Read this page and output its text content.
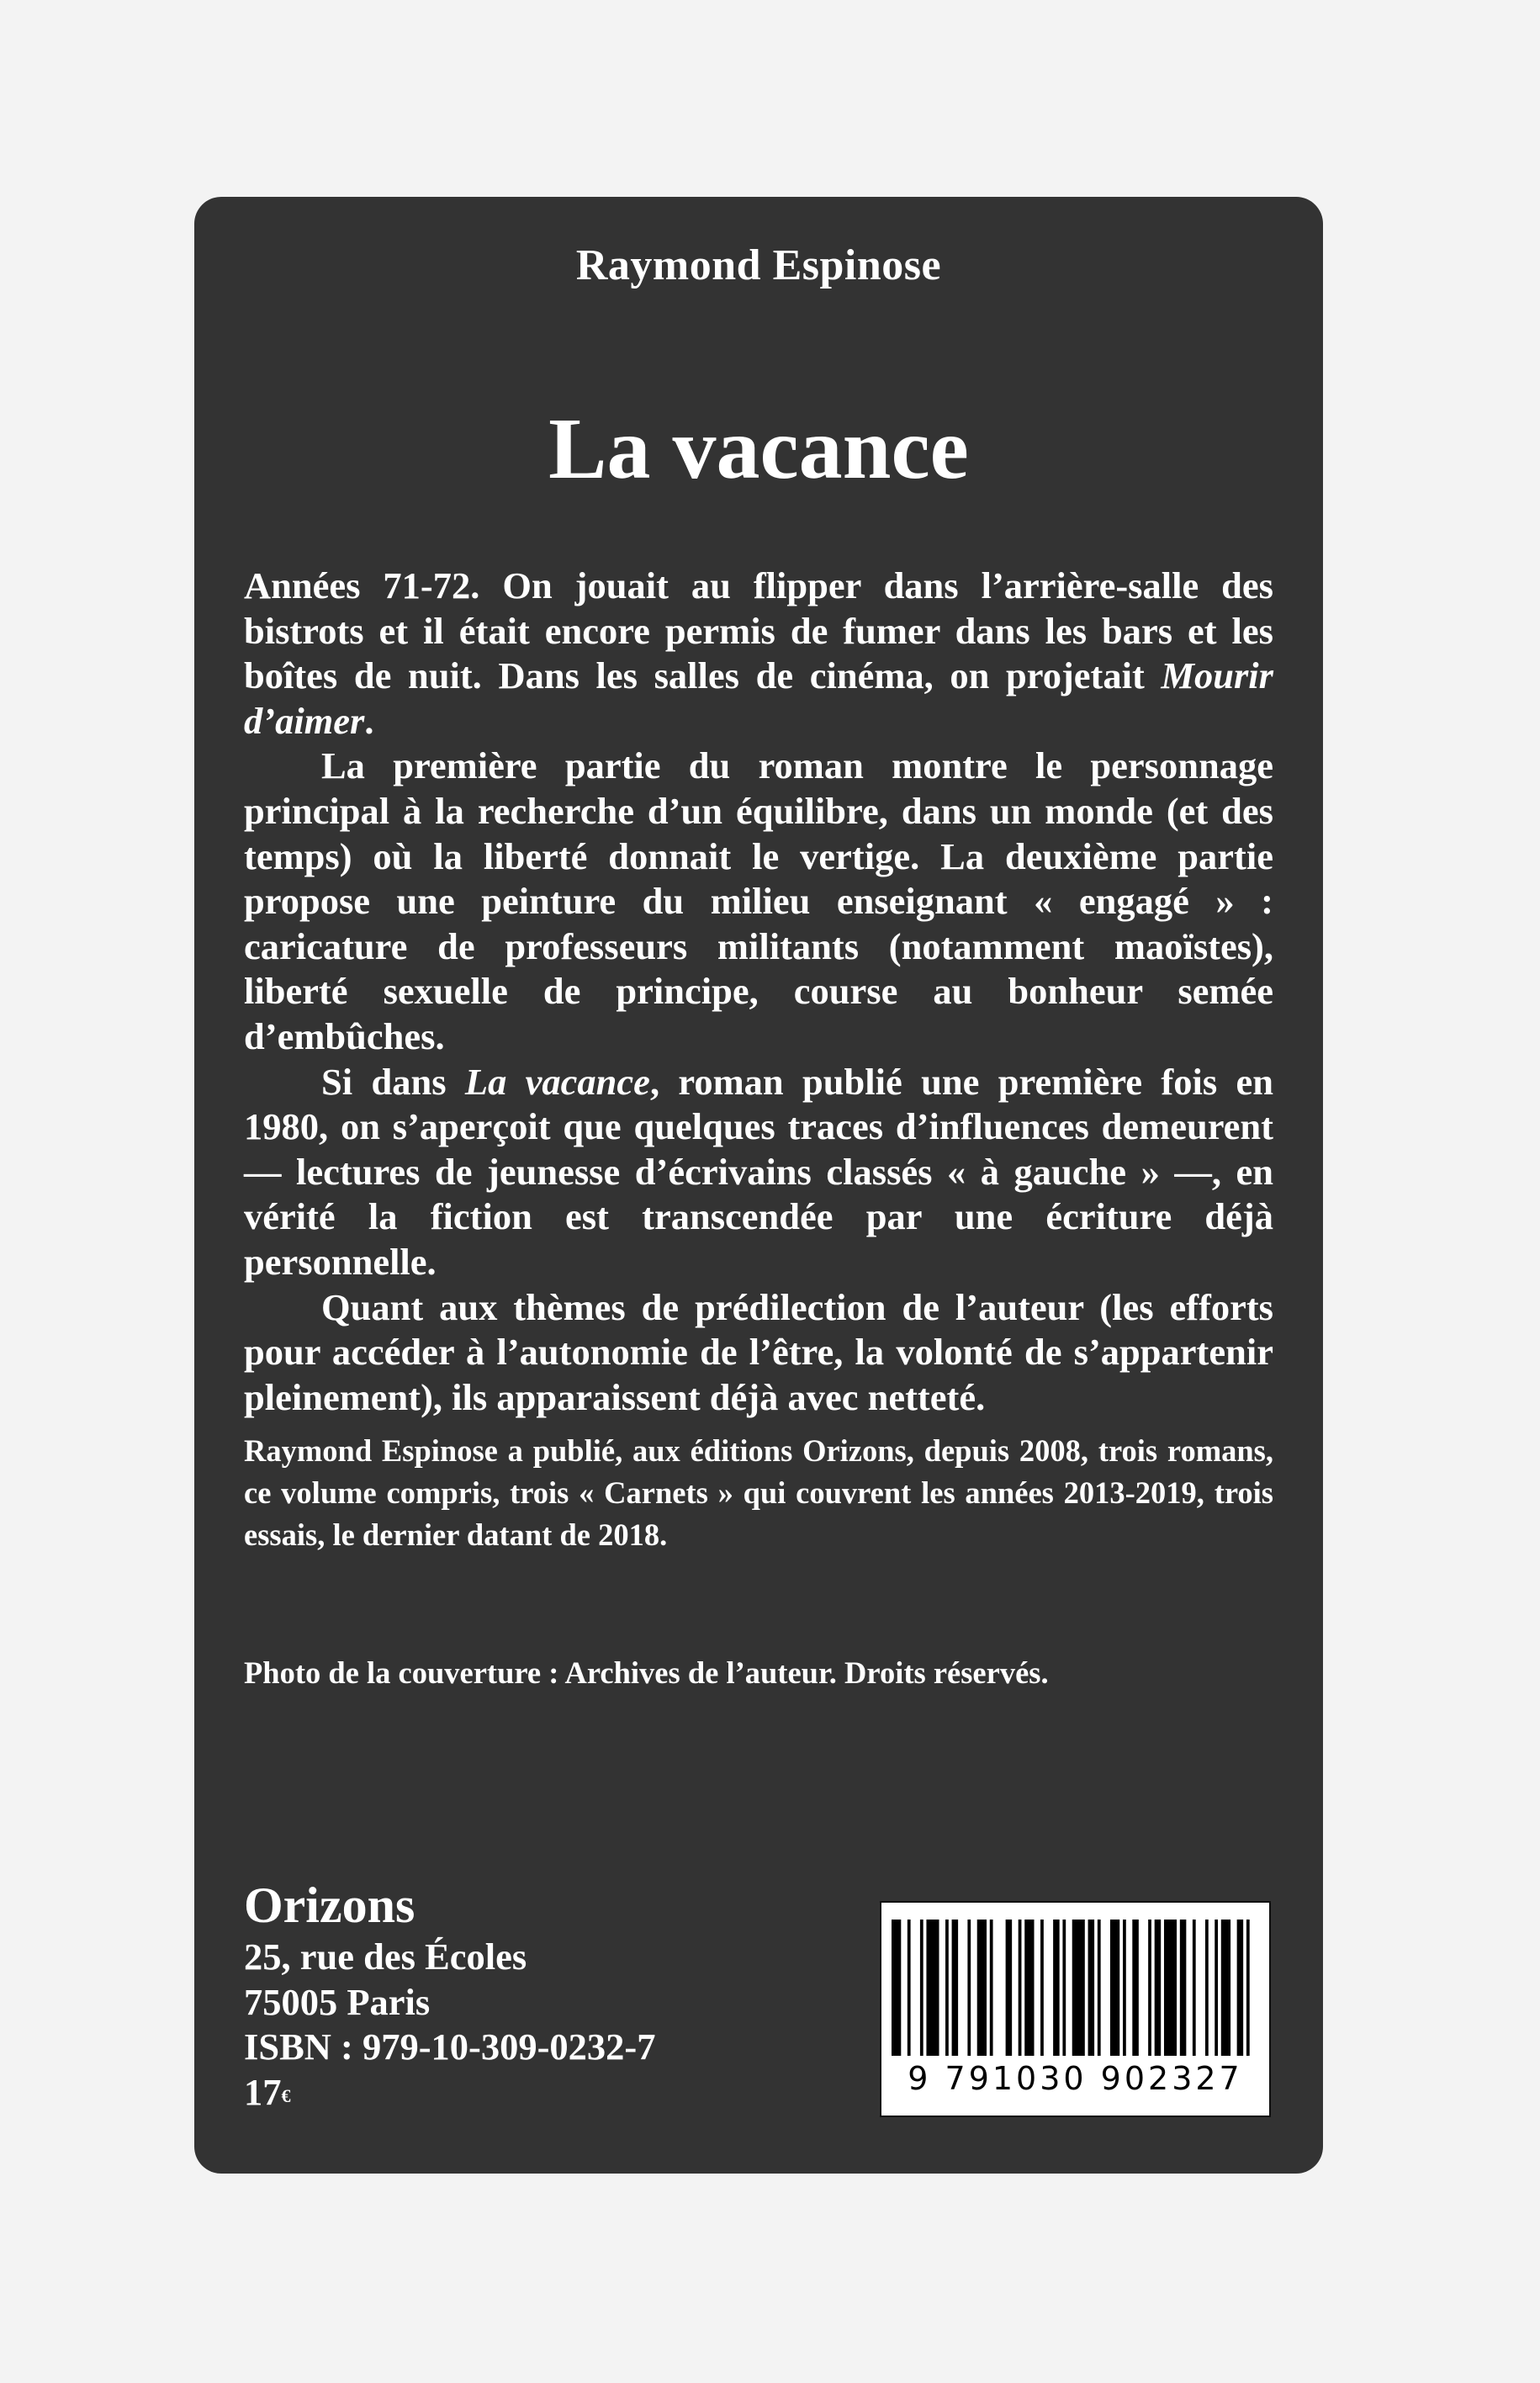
Raymond Espinose
La vacance

Années 71-72. On jouait au flipper dans l’arrière-salle des bistrots et il était encore permis de fumer dans les bars et les boîtes de nuit. Dans les salles de cinéma, on projetait Mourir d’aimer.

La première partie du roman montre le personnage principal à la recherche d’un équilibre, dans un monde (et des temps) où la liberté donnait le vertige. La deuxième partie propose une peinture du milieu enseignant « engagé » : caricature de professeurs militants (notamment maoïstes), liberté sexuelle de principe, course au bonheur semée d’embûches.

Si dans La vacance, roman publié une première fois en 1980, on s’aperçoit que quelques traces d’influences demeurent — lectures de jeunesse d’écrivains classés « à gauche » —, en vérité la fiction est transcendée par une écriture déjà personnelle.

Quant aux thèmes de prédilection de l’auteur (les efforts pour accéder à l’autonomie de l’être, la volonté de s’appartenir pleinement), ils apparaissent déjà avec netteté.

Raymond Espinose a publié, aux éditions Orizons, depuis 2008, trois romans, ce volume compris, trois « Carnets » qui couvrent les années 2013-2019, trois essais, le dernier datant de 2018.
Photo de la couverture : Archives de l’auteur. Droits réservés.
Orizons
25, rue des Écoles
75005 Paris
ISBN : 979-10-309-0232-7
17€	9 791030 902327
